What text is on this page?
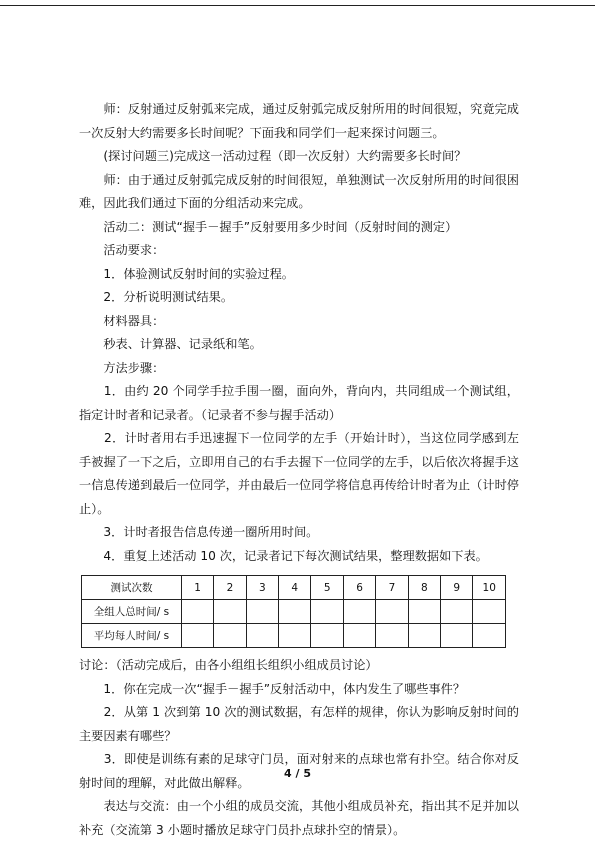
　　师：反射通过反射弧来完成，通过反射弧完成反射所用的时间很短，究竟完成一次反射大约需要多长时间呢？下面我和同学们一起来探讨问题三。

　　(探讨问题三)完成这一活动过程（即一次反射）大约需要多长时间？

　　师：由于通过反射弧完成反射的时间很短，单独测试一次反射所用的时间很困难，因此我们通过下面的分组活动来完成。

　　活动二：测试“握手－握手”反射要用多少时间（反射时间的测定）

　　活动要求：

　　1．体验测试反射时间的实验过程。

　　2．分析说明测试结果。

　　材料器具：

　　秒表、计算器、记录纸和笔。

　　方法步骤：

　　1．由约 20 个同学手拉手围一圈，面向外，背向内，共同组成一个测试组，指定计时者和记录者。（记录者不参与握手活动）

　　2．计时者用右手迅速握下一位同学的左手（开始计时），当这位同学感到左手被握了一下之后，立即用自己的右手去握下一位同学的左手，以后依次将握手这一信息传递到最后一位同学，并由最后一位同学将信息再传给计时者为止（计时停止）。

　　3．计时者报告信息传递一圈所用时间。

　　4．重复上述活动 10 次，记录者记下每次测试结果，整理数据如下表。

测试次数	1	2	3	4	5	6	7	8	9	10
全组人总时间/ s										
平均每人时间/ s										

讨论：（活动完成后，由各小组组长组织小组成员讨论）

　　1．你在完成一次“握手－握手”反射活动中，体内发生了哪些事件？

　　2．从第 1 次到第 10 次的测试数据，有怎样的规律，你认为影响反射时间的主要因素有哪些？

　　3．即使是训练有素的足球守门员，面对射来的点球也常有扑空。结合你对反射时间的理解，对此做出解释。

　　表达与交流：由一个小组的成员交流，其他小组成员补充，指出其不足并加以补充（交流第 3 小题时播放足球守门员扑点球扑空的情景）。

4 / 5
